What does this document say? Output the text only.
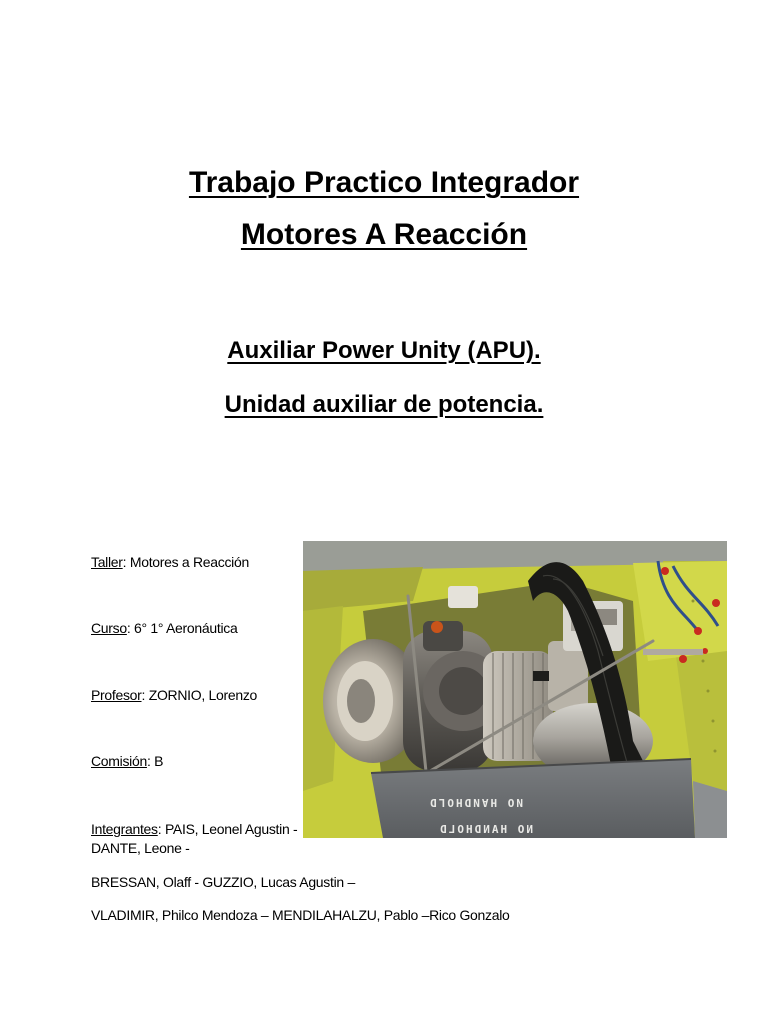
Trabajo Practico Integrador
Motores A Reacción
Auxiliar Power Unity (APU).
Unidad auxiliar de potencia.
Taller: Motores a Reacción
Curso: 6° 1° Aeronáutica
Profesor: ZORNIO, Lorenzo
Comisión: B
Integrantes: PAIS, Leonel Agustin -
DANTE, Leone -
BRESSAN, Olaff - GUZZIO, Lucas Agustin –
VLADIMIR, Philco Mendoza – MENDILAHALZU, Pablo –Rico Gonzalo
NO HANDHOLD
NO HANDHOLD
